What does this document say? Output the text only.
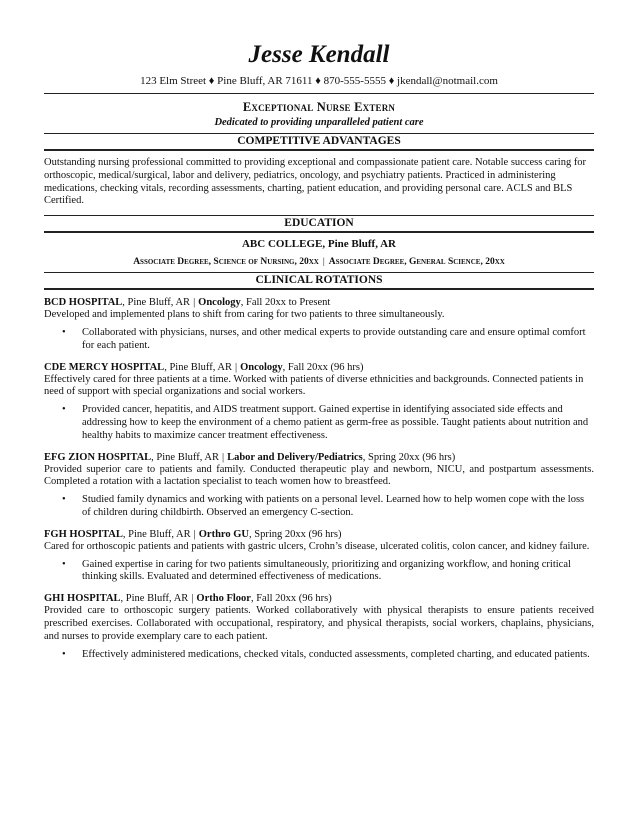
Jesse Kendall
123 Elm Street ♦ Pine Bluff, AR 71611 ♦ 870-555-5555 ♦ jkendall@notmail.com
Exceptional Nurse Extern
Dedicated to providing unparalleled patient care
COMPETITIVE ADVANTAGES
Outstanding nursing professional committed to providing exceptional and compassionate patient care. Notable success caring for orthoscopic, medical/surgical, labor and delivery, pediatrics, oncology, and psychiatry patients. Practiced in administering medications, checking vitals, recording assessments, charting, patient education, and providing personal care. ACLS and BLS Certified.
EDUCATION
ABC COLLEGE, Pine Bluff, AR
Associate Degree, Science of Nursing, 20xx | Associate Degree, General Science, 20xx
CLINICAL ROTATIONS
BCD HOSPITAL, Pine Bluff, AR | Oncology, Fall 20xx to Present
Developed and implemented plans to shift from caring for two patients to three simultaneously.
• Collaborated with physicians, nurses, and other medical experts to provide outstanding care and ensure optimal comfort for each patient.
CDE MERCY HOSPITAL, Pine Bluff, AR | Oncology, Fall 20xx (96 hrs)
Effectively cared for three patients at a time. Worked with patients of diverse ethnicities and backgrounds. Connected patients in need of support with special organizations and social workers.
• Provided cancer, hepatitis, and AIDS treatment support. Gained expertise in identifying associated side effects and addressing how to keep the environment of a chemo patient as germ-free as possible. Taught patients about nutrition and healthy habits to maximize cancer treatment effectiveness.
EFG ZION HOSPITAL, Pine Bluff, AR | Labor and Delivery/Pediatrics, Spring 20xx (96 hrs)
Provided superior care to patients and family. Conducted therapeutic play and newborn, NICU, and postpartum assessments. Completed a rotation with a lactation specialist to teach women how to breastfeed.
• Studied family dynamics and working with patients on a personal level. Learned how to help women cope with the loss of children during childbirth. Observed an emergency C-section.
FGH HOSPITAL, Pine Bluff, AR | Orthro GU, Spring 20xx (96 hrs)
Cared for orthoscopic patients and patients with gastric ulcers, Crohn’s disease, ulcerated colitis, colon cancer, and kidney failure.
• Gained expertise in caring for two patients simultaneously, prioritizing and organizing workflow, and honing critical thinking skills. Evaluated and determined effectiveness of medications.
GHI HOSPITAL, Pine Bluff, AR | Ortho Floor, Fall 20xx (96 hrs)
Provided care to orthoscopic surgery patients. Worked collaboratively with physical therapists to ensure patients received prescribed exercises. Collaborated with occupational, respiratory, and physical therapists, social workers, chaplains, physicians, and nurses to provide exemplary care to each patient.
• Effectively administered medications, checked vitals, conducted assessments, completed charting, and educated patients.
